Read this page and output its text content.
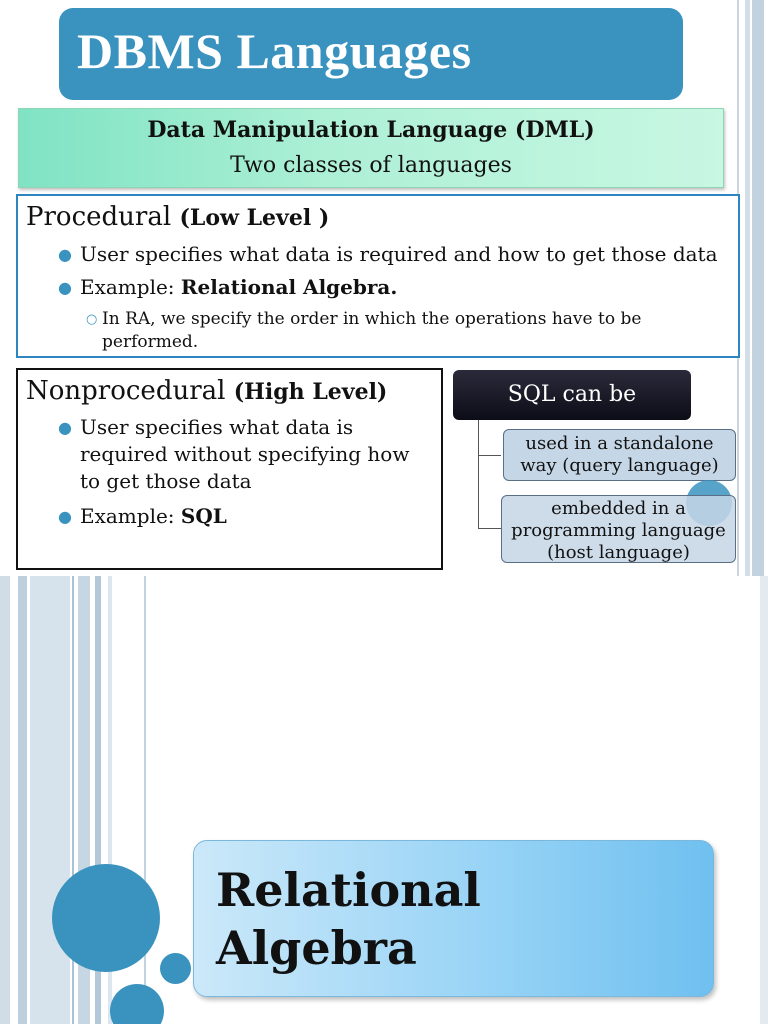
DBMS Languages
Data Manipulation Language (DML)
Two classes of languages
Procedural (Low Level )
● User specifies what data is required and how to get those data
● Example: Relational Algebra.
○ In RA, we specify the order in which the operations have to be
performed.
Nonprocedural (High Level)
● User specifies what data is
required without specifying how
to get those data
● Example: SQL
SQL can be
used in a standalone
way (query language)
embedded in a
programming language
(host language)
Relational
Algebra
